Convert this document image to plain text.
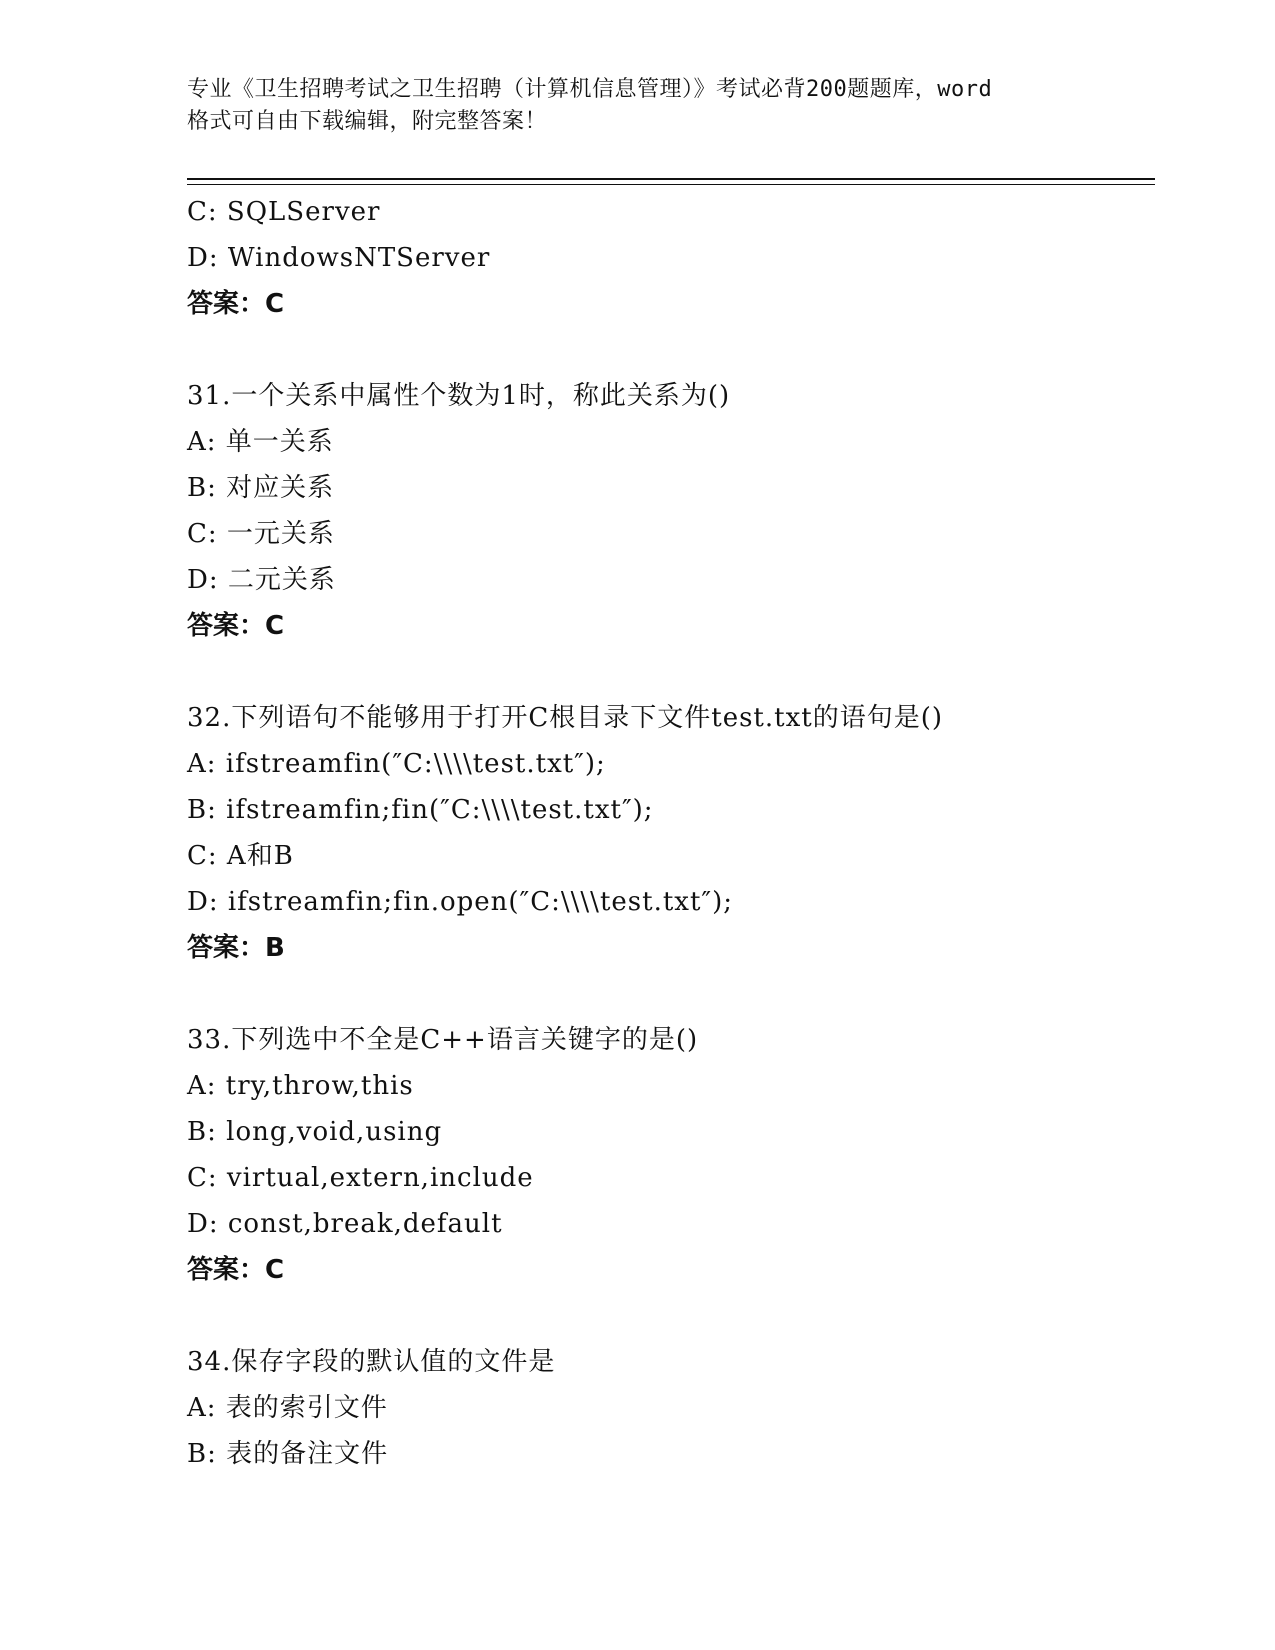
专业《卫生招聘考试之卫生招聘（计算机信息管理）》考试必背200题题库，word
格式可自由下载编辑，附完整答案！
C: SQLServer
D: WindowsNTServer
答案：C
31.一个关系中属性个数为1时，称此关系为()
A: 单一关系
B: 对应关系
C: 一元关系
D: 二元关系
答案：C
32.下列语句不能够用于打开C根目录下文件test.txt的语句是()
A: ifstreamfin(″C:\\\\test.txt″);
B: ifstreamfin;fin(″C:\\\\test.txt″);
C: A和B
D: ifstreamfin;fin.open(″C:\\\\test.txt″);
答案：B
33.下列选中不全是C++语言关键字的是()
A: try,throw,this
B: long,void,using
C: virtual,extern,include
D: const,break,default
答案：C
34.保存字段的默认值的文件是
A: 表的索引文件
B: 表的备注文件
